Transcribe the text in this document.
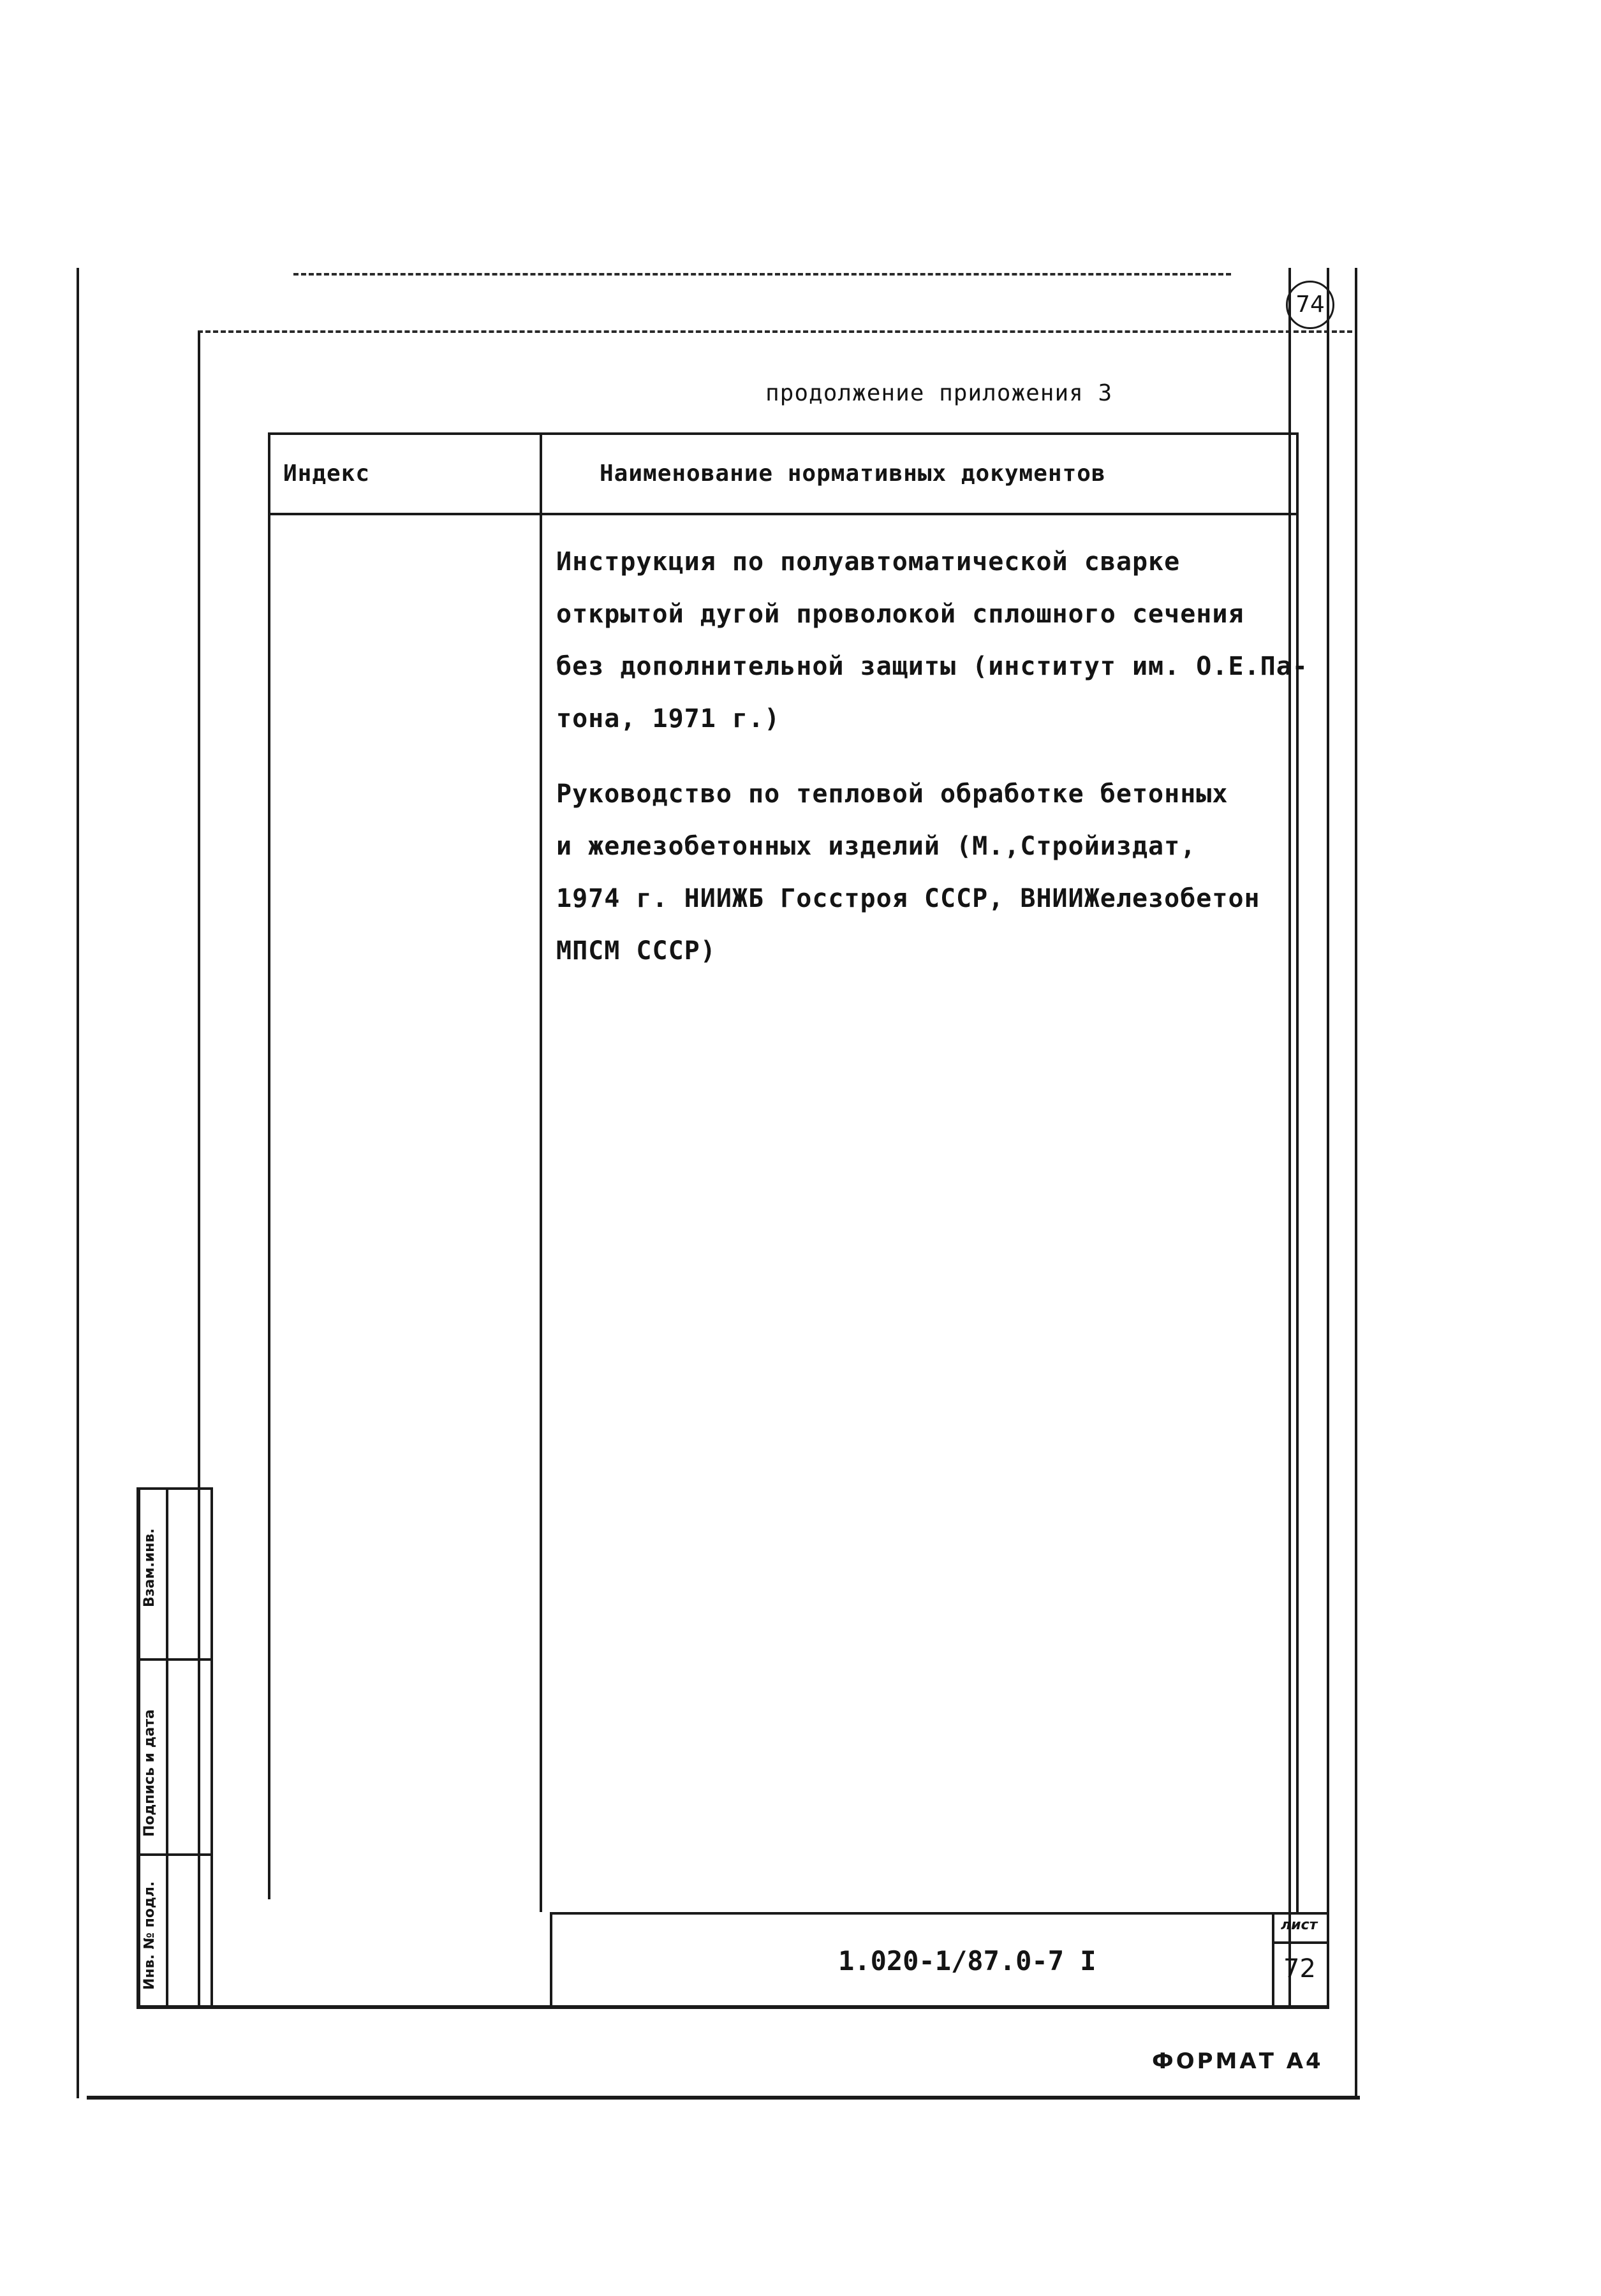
74
продолжение приложения 3
Индекс	Наименование нормативных документов
Инструкция по полуавтоматической сварке
открытой дугой проволокой сплошного сечения
без дополнительной защиты (институт им. О.Е.Па-
тона, 1971 г.)
Руководство по тепловой обработке бетонных
и железобетонных изделий (М.,Стройиздат,
1974 г. НИИЖБ Госстроя СССР, ВНИИЖелезобетон
МПСМ СССР)
1.020-1/87.0-7 I
лист
72
Инв. № подл.
Подпись и дата
Взам.инв.
ФОРМАТ А4
